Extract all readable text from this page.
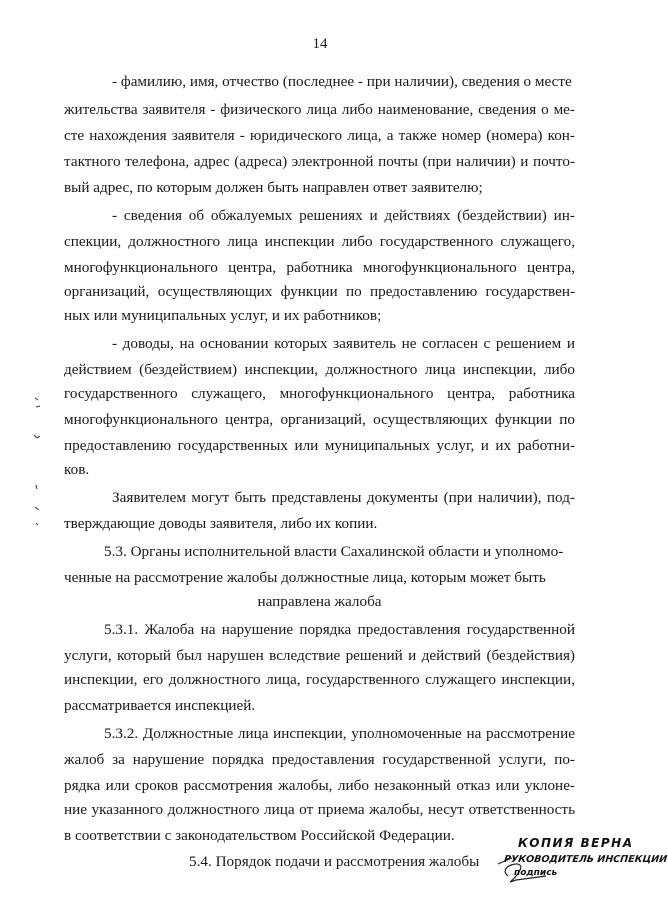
14
- фамилию, имя, отчество (последнее - при наличии), сведения о месте
жительства заявителя - физического лица либо наименование, сведения о ме-
сте нахождения заявителя - юридического лица, а также номер (номера) кон-
тактного телефона, адрес (адреса) электронной почты (при наличии) и почто-
вый адрес, по которым должен быть направлен ответ заявителю;
- сведения об обжалуемых решениях и действиях (бездействии) ин-
спекции, должностного лица инспекции либо государственного служащего,
многофункционального центра, работника многофункционального центра,
организаций, осуществляющих функции по предоставлению государствен-
ных или муниципальных услуг, и их работников;
- доводы, на основании которых заявитель не согласен с решением и
действием (бездействием) инспекции, должностного лица инспекции, либо
государственного служащего, многофункционального центра, работника
многофункционального центра, организаций, осуществляющих функции по
предоставлению государственных или муниципальных услуг, и их работни-
ков.
Заявителем могут быть представлены документы (при наличии), под-
тверждающие доводы заявителя, либо их копии.
5.3. Органы исполнительной власти Сахалинской области и уполномо-
ченные на рассмотрение жалобы должностные лица, которым может быть
направлена жалоба
5.3.1. Жалоба на нарушение порядка предоставления государственной
услуги, который был нарушен вследствие решений и действий (бездействия)
инспекции, его должностного лица, государственного служащего инспекции,
рассматривается инспекцией.
5.3.2. Должностные лица инспекции, уполномоченные на рассмотрение
жалоб за нарушение порядка предоставления государственной услуги, по-
рядка или сроков рассмотрения жалобы, либо незаконный отказ или уклоне-
ние указанного должностного лица от приема жалобы, несут ответственность
в соответствии с законодательством Российской Федерации.
5.4. Порядок подачи и рассмотрения жалобы
КОПИЯ ВЕРНА
РУКОВОДИТЕЛЬ ИНСПЕКЦИИ
подпись
